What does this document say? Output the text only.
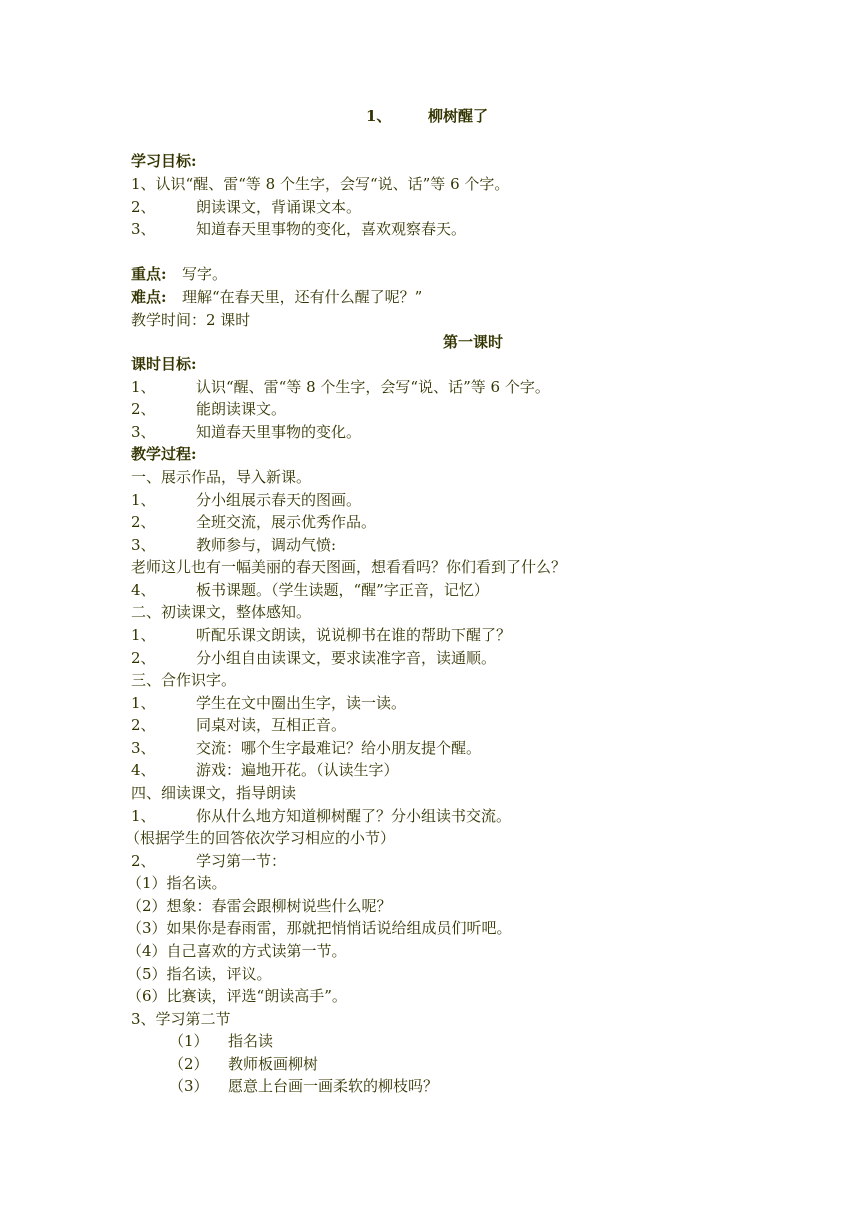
1、 柳树醒了
学习目标:
1、认识“醒、雷“等 8 个生字，会写“说、话”等 6 个字。
2、	朗读课文，背诵课文本。
3、	知道春天里事物的变化，喜欢观察春天。
重点: 写字。
难点: 理解“在春天里，还有什么醒了呢？”
教学时间：2 课时
第一课时
课时目标:
1、	认识“醒、雷“等 8 个生字，会写“说、话”等 6 个字。
2、	能朗读课文。
3、	知道春天里事物的变化。
教学过程:
一、展示作品，导入新课。
1、	分小组展示春天的图画。
2、	全班交流，展示优秀作品。
3、	教师参与，调动气愤:
老师这儿也有一幅美丽的春天图画，想看看吗？你们看到了什么？
4、	板书课题。（学生读题，“醒”字正音，记忆）
二、初读课文，整体感知。
1、	听配乐课文朗读，说说柳书在谁的帮助下醒了？
2、	分小组自由读课文，要求读准字音，读通顺。
三、合作识字。
1、	学生在文中圈出生字，读一读。
2、	同桌对读，互相正音。
3、	交流：哪个生字最难记？给小朋友提个醒。
4、	游戏：遍地开花。（认读生字）
四、细读课文，指导朗读
1、	你从什么地方知道柳树醒了？分小组读书交流。
（根据学生的回答依次学习相应的小节）
2、	学习第一节：
（1）指名读。
（2）想象：春雷会跟柳树说些什么呢？
（3）如果你是春雨雷，那就把悄悄话说给组成员们听吧。
（4）自己喜欢的方式读第一节。
（5）指名读，评议。
（6）比赛读，评选“朗读高手”。
3、学习第二节
（1） 指名读
（2） 教师板画柳树
（3） 愿意上台画一画柔软的柳枝吗？
